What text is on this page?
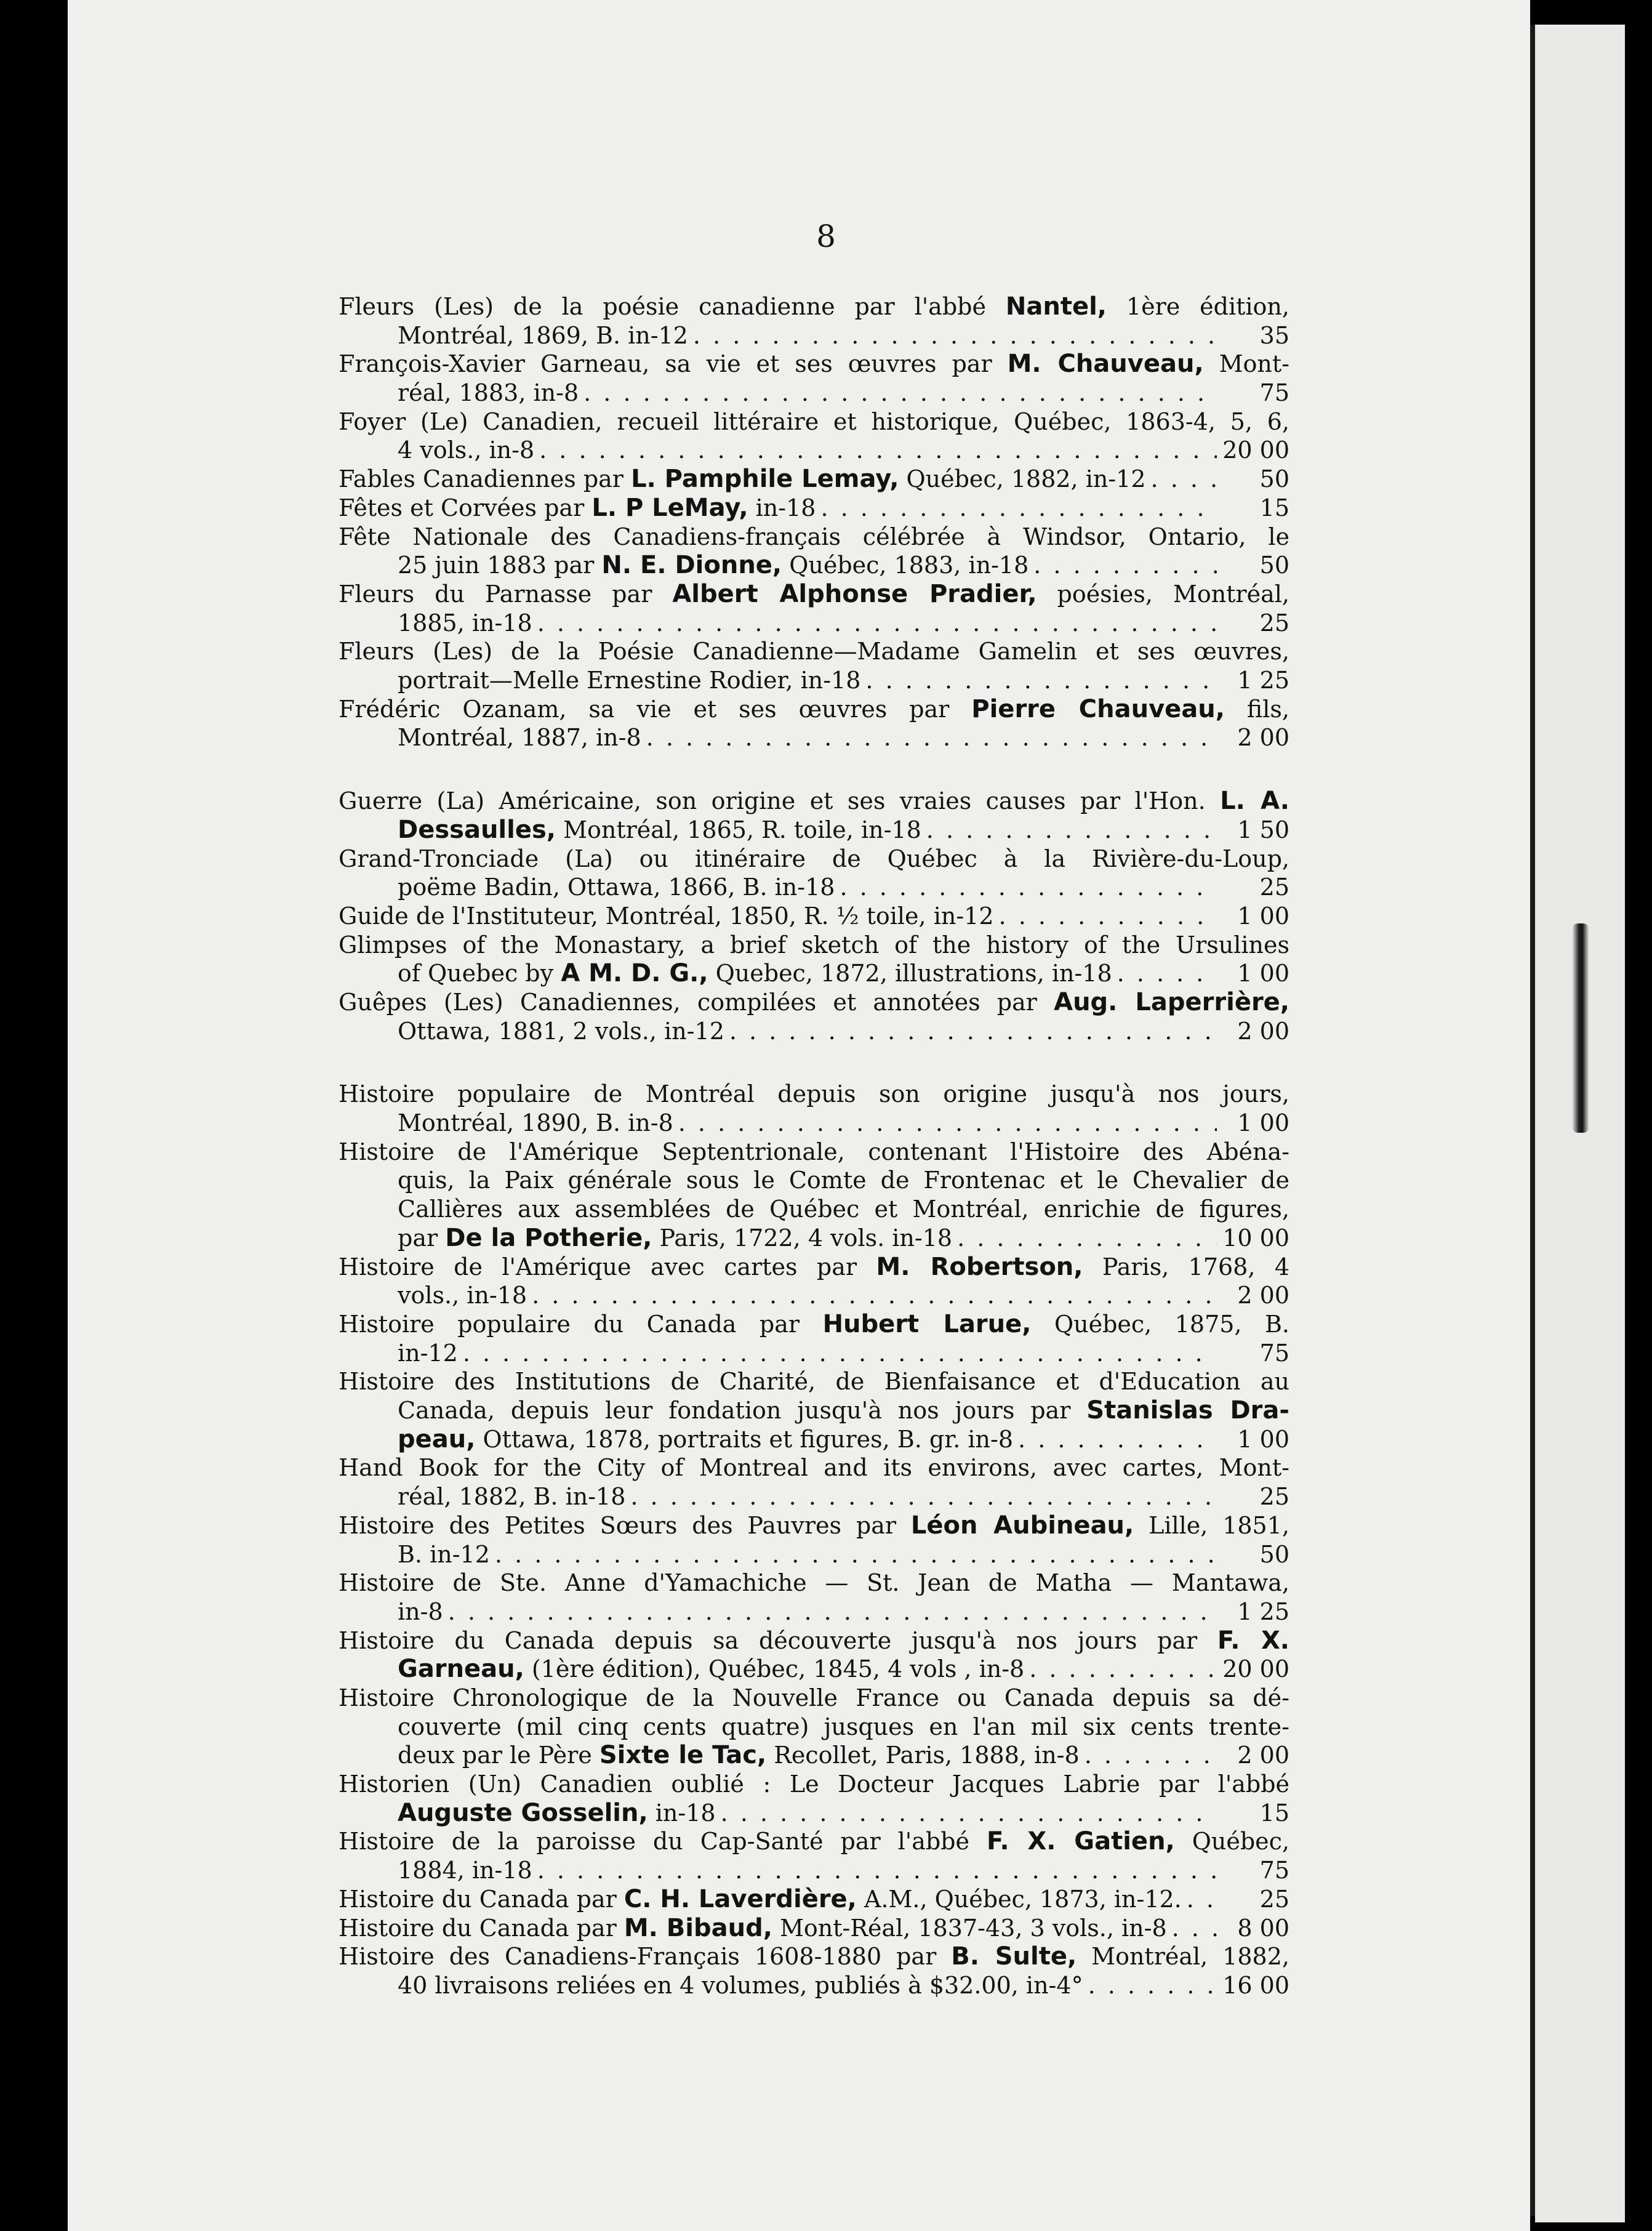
8
Fleurs (Les) de la poésie canadienne par l'abbé Nantel, 1ère édition,
Montréal, 1869, B. in-12 . . .	35
François-Xavier Garneau, sa vie et ses œuvres par M. Chauveau, Mont-
réal, 1883, in-8 . . .	75
Foyer (Le) Canadien, recueil littéraire et historique, Québec, 1863-4, 5, 6,
4 vols., in-8 . . .	20 00
Fables Canadiennes par L. Pamphile Lemay, Québec, 1882, in-12 . . .	50
Fêtes et Corvées par L. P LeMay, in-18 . . .	15
Fête Nationale des Canadiens-français célébrée à Windsor, Ontario, le
25 juin 1883 par N. E. Dionne, Québec, 1883, in-18 . . .	50
Fleurs du Parnasse par Albert Alphonse Pradier, poésies, Montréal,
1885, in-18 . . .	25
Fleurs (Les) de la Poésie Canadienne—Madame Gamelin et ses œuvres,
portrait—Melle Ernestine Rodier, in-18 . . .	1 25
Frédéric Ozanam, sa vie et ses œuvres par Pierre Chauveau, fils,
Montréal, 1887, in-8 . . .	2 00
Guerre (La) Américaine, son origine et ses vraies causes par l'Hon. L. A.
Dessaulles, Montréal, 1865, R. toile, in-18 . . .	1 50
Grand-Tronciade (La) ou itinéraire de Québec à la Rivière-du-Loup,
poëme Badin, Ottawa, 1866, B. in-18 . . .	25
Guide de l'Instituteur, Montréal, 1850, R. ½ toile, in-12 . . .	1 00
Glimpses of the Monastary, a brief sketch of the history of the Ursulines
of Quebec by A M. D. G., Quebec, 1872, illustrations, in-18 . . .	1 00
Guêpes (Les) Canadiennes, compilées et annotées par Aug. Laperrière,
Ottawa, 1881, 2 vols., in-12 . . .	2 00
Histoire populaire de Montréal depuis son origine jusqu'à nos jours,
Montréal, 1890, B. in-8 . . .	1 00
Histoire de l'Amérique Septentrionale, contenant l'Histoire des Abéna-
quis, la Paix générale sous le Comte de Frontenac et le Chevalier de
Callières aux assemblées de Québec et Montréal, enrichie de figures,
par De la Potherie, Paris, 1722, 4 vols. in-18 . . .	10 00
Histoire de l'Amérique avec cartes par M. Robertson, Paris, 1768, 4
vols., in-18 . . .	2 00
Histoire populaire du Canada par Hubert Larue, Québec, 1875, B.
in-12 . . .	75
Histoire des Institutions de Charité, de Bienfaisance et d'Education au
Canada, depuis leur fondation jusqu'à nos jours par Stanislas Dra-
peau, Ottawa, 1878, portraits et figures, B. gr. in-8 . . .	1 00
Hand Book for the City of Montreal and its environs, avec cartes, Mont-
réal, 1882, B. in-18 . . .	25
Histoire des Petites Sœurs des Pauvres par Léon Aubineau, Lille, 1851,
B. in-12 . . .	50
Histoire de Ste. Anne d'Yamachiche — St. Jean de Matha — Mantawa,
in-8 . . .	1 25
Histoire du Canada depuis sa découverte jusqu'à nos jours par F. X.
Garneau, (1ère édition), Québec, 1845, 4 vols , in-8 . . .	20 00
Histoire Chronologique de la Nouvelle France ou Canada depuis sa dé-
couverte (mil cinq cents quatre) jusques en l'an mil six cents trente-
deux par le Père Sixte le Tac, Recollet, Paris, 1888, in-8 . . .	2 00
Historien (Un) Canadien oublié : Le Docteur Jacques Labrie par l'abbé
Auguste Gosselin, in-18 . . .	15
Histoire de la paroisse du Cap-Santé par l'abbé F. X. Gatien, Québec,
1884, in-18 . . .	75
Histoire du Canada par C. H. Laverdière, A.M., Québec, 1873, in-12. . . .	25
Histoire du Canada par M. Bibaud, Mont-Réal, 1837-43, 3 vols., in-8 . . .	8 00
Histoire des Canadiens-Français 1608-1880 par B. Sulte, Montréal, 1882,
40 livraisons reliées en 4 volumes, publiés à $32.00, in-4° . . .	16 00
